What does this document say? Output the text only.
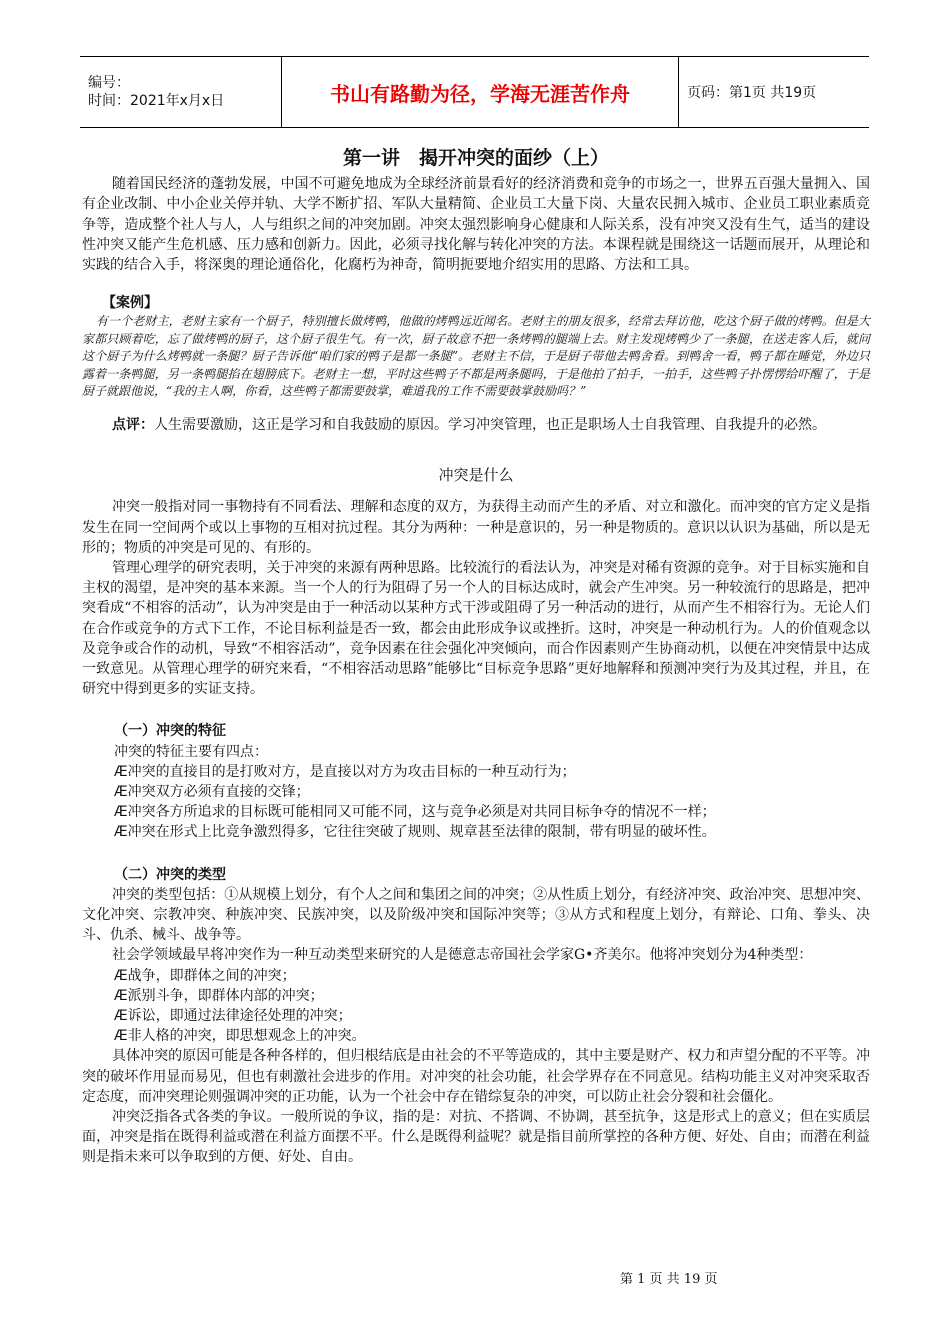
编号：
时间：2021年x月x日	书山有路勤为径，学海无涯苦作舟	页码：第1页 共19页
第一讲　揭开冲突的面纱（上）

随着国民经济的蓬勃发展，中国不可避免地成为全球经济前景看好的经济消费和竞争的市场之一，世界五百强大量拥入、国有企业改制、中小企业关停并轨、大学不断扩招、军队大量精简、企业员工大量下岗、大量农民拥入城市、企业员工职业素质竞争等，造成整个社人与人，人与组织之间的冲突加剧。冲突太强烈影响身心健康和人际关系，没有冲突又没有生气，适当的建设性冲突又能产生危机感、压力感和创新力。因此，必须寻找化解与转化冲突的方法。本课程就是围绕这一话题而展开，从理论和实践的结合入手，将深奥的理论通俗化，化腐朽为神奇，简明扼要地介绍实用的思路、方法和工具。

【案例】

有一个老财主，老财主家有一个厨子，特别擅长做烤鸭，他做的烤鸭远近闻名。老财主的朋友很多，经常去拜访他，吃这个厨子做的烤鸭。但是大家都只顾着吃，忘了做烤鸭的厨子，这个厨子很生气。有一次，厨子故意不把一条烤鸭的腿端上去。财主发现烤鸭少了一条腿，在送走客人后，就问这个厨子为什么烤鸭就一条腿？厨子告诉他“咱们家的鸭子是都一条腿”。老财主不信，于是厨子带他去鸭舍看。到鸭舍一看，鸭子都在睡觉，外边只露着一条鸭腿，另一条鸭腿掐在翅膀底下。老财主一想，平时这些鸭子不都是两条腿吗，于是他拍了拍手，一拍手，这些鸭子扑愣愣给吓醒了，于是厨子就跟他说，“我的主人啊，你看，这些鸭子都需要鼓掌，难道我的工作不需要鼓掌鼓励吗？”

点评：人生需要激励，这正是学习和自我鼓励的原因。学习冲突管理，也正是职场人士自我管理、自我提升的必然。

冲突是什么

冲突一般指对同一事物持有不同看法、理解和态度的双方，为获得主动而产生的矛盾、对立和激化。而冲突的官方定义是指发生在同一空间两个或以上事物的互相对抗过程。其分为两种：一种是意识的，另一种是物质的。意识以认识为基础，所以是无形的；物质的冲突是可见的、有形的。

管理心理学的研究表明，关于冲突的来源有两种思路。比较流行的看法认为，冲突是对稀有资源的竞争。对于目标实施和自主权的渴望，是冲突的基本来源。当一个人的行为阻碍了另一个人的目标达成时，就会产生冲突。另一种较流行的思路是，把冲突看成“不相容的活动”，认为冲突是由于一种活动以某种方式干涉或阻碍了另一种活动的进行，从而产生不相容行为。无论人们在合作或竞争的方式下工作，不论目标利益是否一致，都会由此形成争议或挫折。这时，冲突是一种动机行为。人的价值观念以及竞争或合作的动机，导致“不相容活动”，竞争因素在往会强化冲突倾向，而合作因素则产生协商动机，以便在冲突情景中达成一致意见。从管理心理学的研究来看，“不相容活动思路”能够比“目标竞争思路”更好地解释和预测冲突行为及其过程，并且，在研究中得到更多的实证支持。

（一）冲突的特征

冲突的特征主要有四点：

Æ冲突的直接目的是打败对方，是直接以对方为攻击目标的一种互动行为；
Æ冲突双方必须有直接的交锋；
Æ冲突各方所追求的目标既可能相同又可能不同，这与竞争必须是对共同目标争夺的情况不一样；
Æ冲突在形式上比竞争激烈得多，它往往突破了规则、规章甚至法律的限制，带有明显的破坏性。
（二）冲突的类型

冲突的类型包括：①从规模上划分，有个人之间和集团之间的冲突；②从性质上划分，有经济冲突、政治冲突、思想冲突、文化冲突、宗教冲突、种族冲突、民族冲突，以及阶级冲突和国际冲突等；③从方式和程度上划分，有辩论、口角、拳头、决斗、仇杀、械斗、战争等。

社会学领域最早将冲突作为一种互动类型来研究的人是德意志帝国社会学家G•齐美尔。他将冲突划分为4种类型：

Æ战争，即群体之间的冲突；
Æ派别斗争，即群体内部的冲突；
Æ诉讼，即通过法律途径处理的冲突；
Æ非人格的冲突，即思想观念上的冲突。

具体冲突的原因可能是各种各样的，但归根结底是由社会的不平等造成的，其中主要是财产、权力和声望分配的不平等。冲突的破坏作用显而易见，但也有刺激社会进步的作用。对冲突的社会功能，社会学界存在不同意见。结构功能主义对冲突采取否定态度，而冲突理论则强调冲突的正功能，认为一个社会中存在错综复杂的冲突，可以防止社会分裂和社会僵化。

冲突泛指各式各类的争议。一般所说的争议，指的是：对抗、不搭调、不协调，甚至抗争，这是形式上的意义；但在实质层面，冲突是指在既得利益或潜在利益方面摆不平。什么是既得利益呢？就是指目前所掌控的各种方便、好处、自由；而潜在利益则是指未来可以争取到的方便、好处、自由。

第 1 页 共 19 页
